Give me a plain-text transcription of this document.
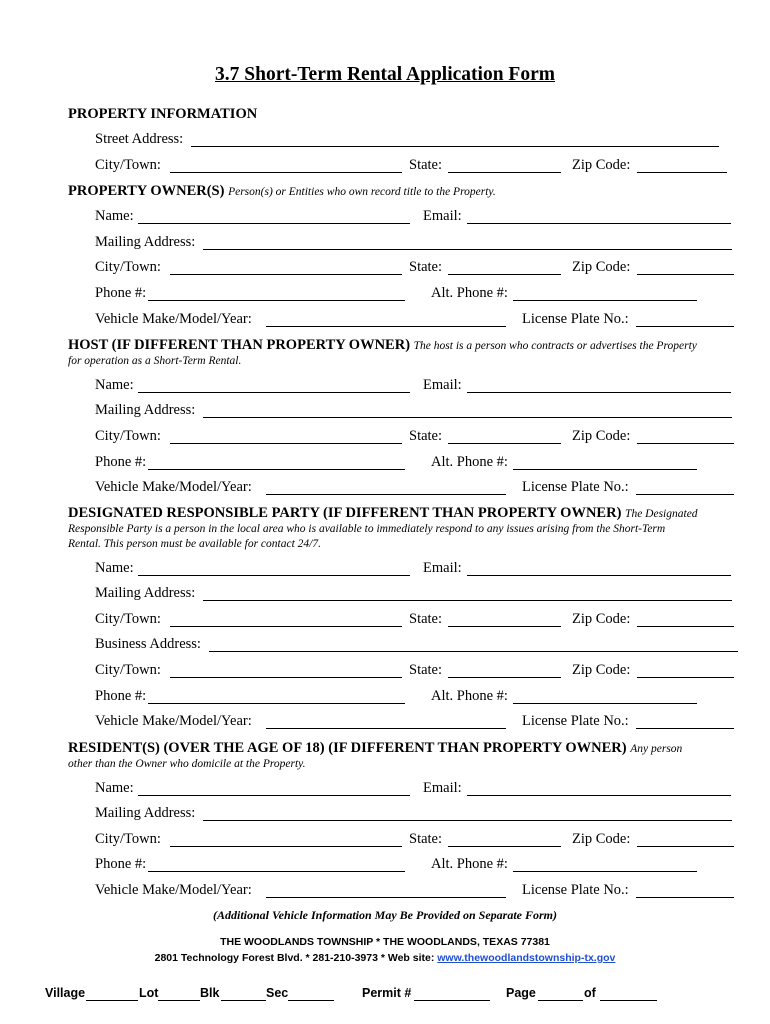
3.7 Short-Term Rental Application Form
PROPERTY INFORMATION
Street Address:
City/Town:	State:	Zip Code:
PROPERTY OWNER(S) Person(s) or Entities who own record title to the Property.
Name:	Email:
Mailing Address:
City/Town:	State:	Zip Code:
Phone #:	Alt. Phone #:
Vehicle Make/Model/Year:	License Plate No.:
HOST (IF DIFFERENT THAN PROPERTY OWNER) The host is a person who contracts or advertises the Property
for operation as a Short-Term Rental.
Name:	Email:
Mailing Address:
City/Town:	State:	Zip Code:
Phone #:	Alt. Phone #:
Vehicle Make/Model/Year:	License Plate No.:
DESIGNATED RESPONSIBLE PARTY (IF DIFFERENT THAN PROPERTY OWNER) The Designated
Responsible Party is a person in the local area who is available to immediately respond to any issues arising from the Short-Term
Rental. This person must be available for contact 24/7.
Name:	Email:
Mailing Address:
City/Town:	State:	Zip Code:
Business Address:
City/Town:	State:	Zip Code:
Phone #:	Alt. Phone #:
Vehicle Make/Model/Year:	License Plate No.:
RESIDENT(S) (OVER THE AGE OF 18) (IF DIFFERENT THAN PROPERTY OWNER) Any person
other than the Owner who domicile at the Property.
Name:	Email:
Mailing Address:
City/Town:	State:	Zip Code:
Phone #:	Alt. Phone #:
Vehicle Make/Model/Year:	License Plate No.:
(Additional Vehicle Information May Be Provided on Separate Form)
THE WOODLANDS TOWNSHIP * THE WOODLANDS, TEXAS 77381
2801 Technology Forest Blvd. * 281-210-3973 * Web site: www.thewoodlandstownship-tx.gov
Village	Lot	Blk	Sec	Permit #	Page	of
